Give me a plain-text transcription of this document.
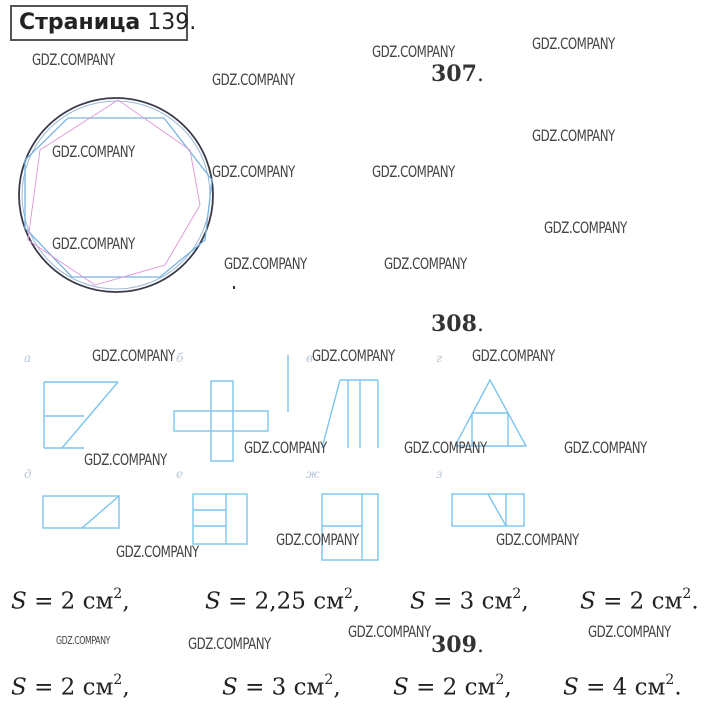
Страница 139.
307.
308.
309.
a	б	в	г
д	е	ж	з
S = 2 $см^2$,	S = 2,25 $см^2$, S = 3 $см^2$, S = 2 $см^2$.
S = 2 $см^2$,	S = 3 $см^2$, S = 2 $см^2$, S = 4 $см^2$.
GDZ.COMPANY	GDZ.COMPANY	GDZ.COMPANY
GDZ.COMPANY
GDZ.COMPANY
GDZ.COMPANY
GDZ.COMPANY	GDZ.COMPANY
GDZ.COMPANY
GDZ.COMPANY
GDZ.COMPANY	GDZ.COMPANY
GDZ.COMPANY	GDZ.COMPANY	GDZ.COMPANY
GDZ.COMPANY	GDZ.COMPANY	GDZ.COMPANY
GDZ.COMPANY
GDZ.COMPANY	GDZ.COMPANY
GDZ.COMPANY
GDZ.COMPANY	GDZ.COMPANY
GDZ.COMPANY
GDZ.COMPANY
